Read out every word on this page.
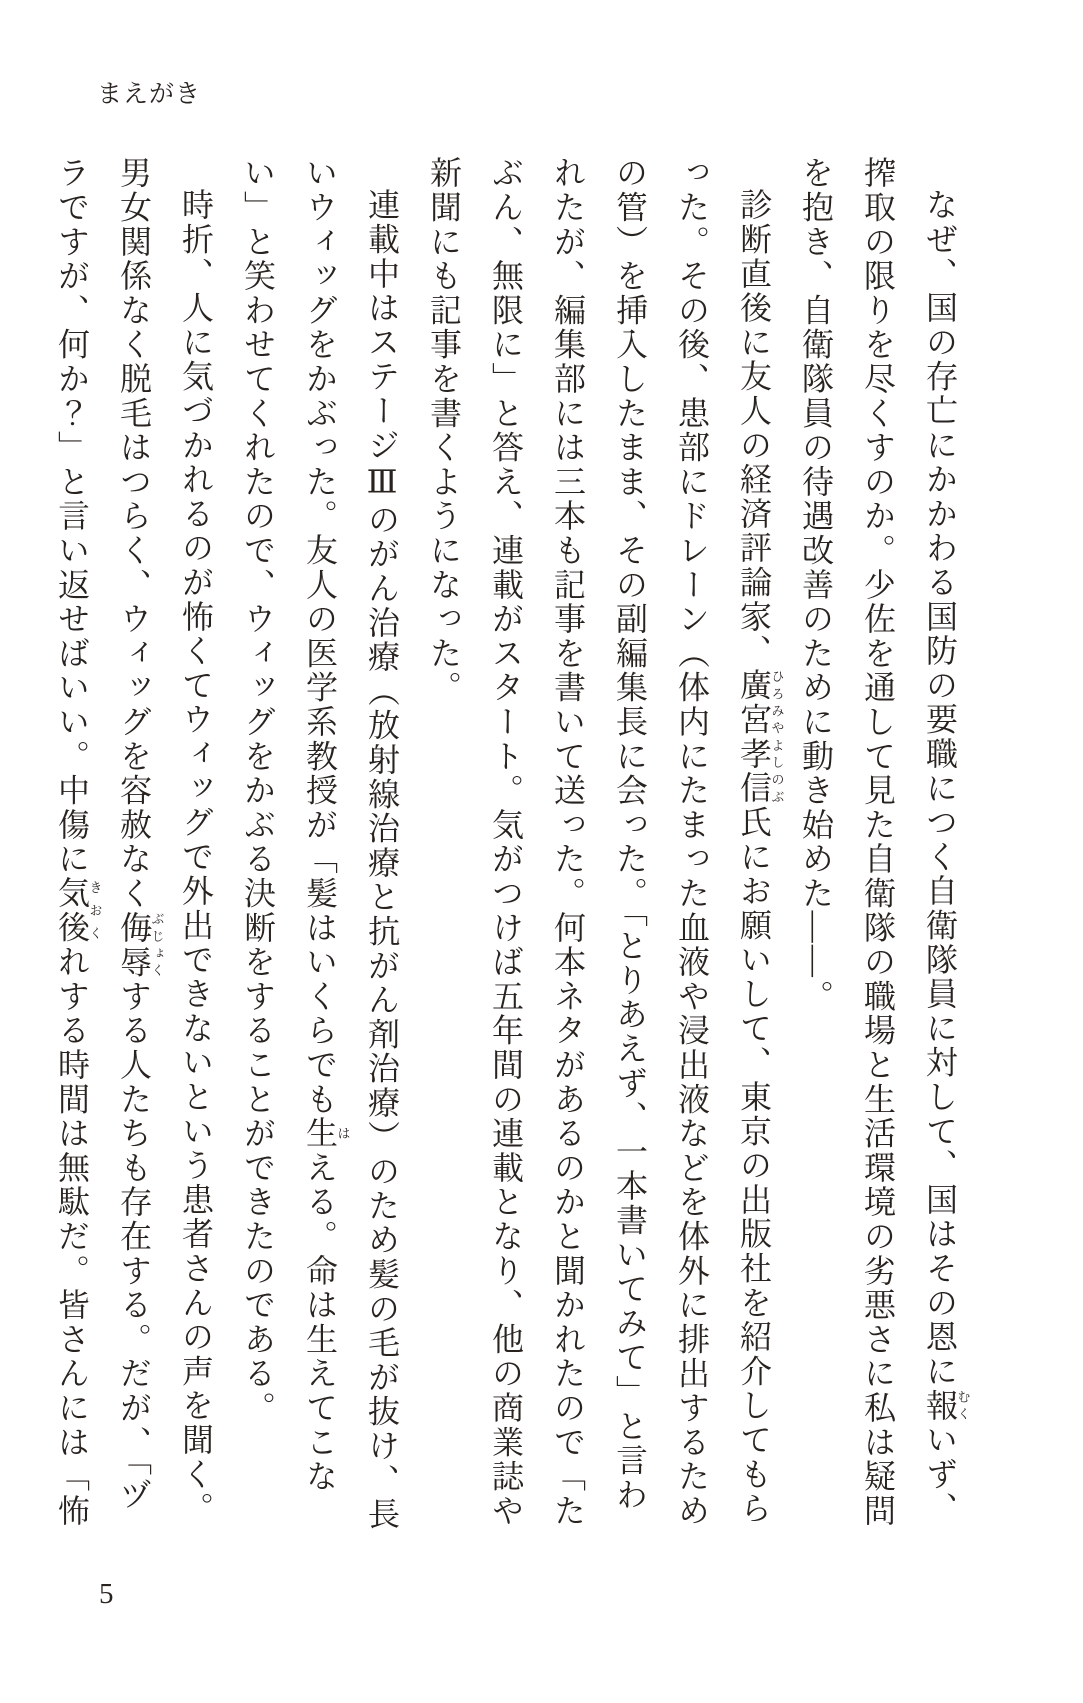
まえがき

なぜ、国の存亡にかかわる国防の要職につく自衛隊員に対して、国はその恩に報むくいず、搾取の限りを尽くすのか。少佐を通して見た自衛隊の職場と生活環境の劣悪さに私は疑問を抱き、自衛隊員の待遇改善のために動き始めた——。

診断直後に友人の経済評論家、廣宮孝信ひろみやよしのぶ氏にお願いして、東京の出版社を紹介してもらった。その後、患部にドレーン（体内にたまった血液や浸出液などを体外に排出するための管）を挿入したまま、その副編集長に会った。「とりあえず、一本書いてみて」と言われたが、編集部には三本も記事を書いて送った。何本ネタがあるのかと聞かれたので「たぶん、無限に」と答え、連載がスタート。気がつけば五年間の連載となり、他の商業誌や新聞にも記事を書くようになった。

連載中はステージⅢのがん治療（放射線治療と抗がん剤治療）のため髪の毛が抜け、長いウィッグをかぶった。友人の医学系教授が「髪はいくらでも生はえる。命は生えてこない」と笑わせてくれたので、ウィッグをかぶる決断をすることができたのである。

時折、人に気づかれるのが怖くてウィッグで外出できないという患者さんの声を聞く。男女関係なく脱毛はつらく、ウィッグを容赦なく侮辱ぶじょくする人たちも存在する。だが、「ヅラですが、何か？」と言い返せばいい。中傷に気後きおくれする時間は無駄だ。皆さんには「怖

5
